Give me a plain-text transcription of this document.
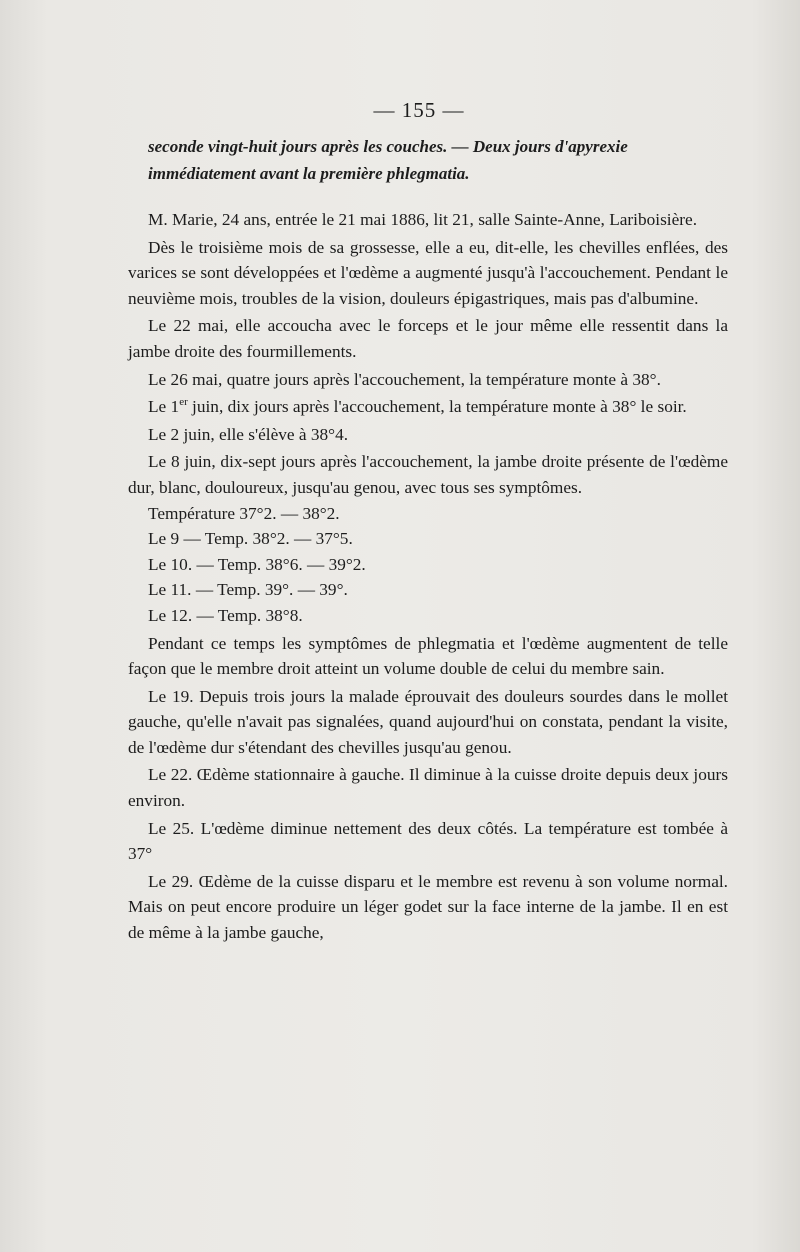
— 155 —
seconde vingt-huit jours après les couches. — Deux jours d'apyrexie
immédiatement avant la première phlegmatia.

M. Marie, 24 ans, entrée le 21 mai 1886, lit 21, salle Sainte-Anne, Lariboisière.

Dès le troisième mois de sa grossesse, elle a eu, dit-elle, les chevilles enflées, des varices se sont développées et l'œdème a augmenté jusqu'à l'accouchement. Pendant le neuvième mois, troubles de la vision, douleurs épigastriques, mais pas d'albumine.

Le 22 mai, elle accoucha avec le forceps et le jour même elle ressentit dans la jambe droite des fourmillements.

Le 26 mai, quatre jours après l'accouchement, la température monte à 38°.

Le 1er juin, dix jours après l'accouchement, la température monte à 38° le soir.

Le 2 juin, elle s'élève à 38°4.

Le 8 juin, dix-sept jours après l'accouchement, la jambe droite présente de l'œdème dur, blanc, douloureux, jusqu'au genou, avec tous ses symptômes.

Température 37°2. — 38°2.
Le 9 — Temp. 38°2. — 37°5.
Le 10. — Temp. 38°6. — 39°2.
Le 11. — Temp. 39°. — 39°.
Le 12. — Temp. 38°8.

Pendant ce temps les symptômes de phlegmatia et l'œdème augmentent de telle façon que le membre droit atteint un volume double de celui du membre sain.

Le 19. Depuis trois jours la malade éprouvait des douleurs sourdes dans le mollet gauche, qu'elle n'avait pas signalées, quand aujourd'hui on constata, pendant la visite, de l'œdème dur s'étendant des chevilles jusqu'au genou.

Le 22. Œdème stationnaire à gauche. Il diminue à la cuisse droite depuis deux jours environ.

Le 25. L'œdème diminue nettement des deux côtés. La température est tombée à 37°

Le 29. Œdème de la cuisse disparu et le membre est revenu à son volume normal. Mais on peut encore produire un léger godet sur la face interne de la jambe. Il en est de même à la jambe gauche,
